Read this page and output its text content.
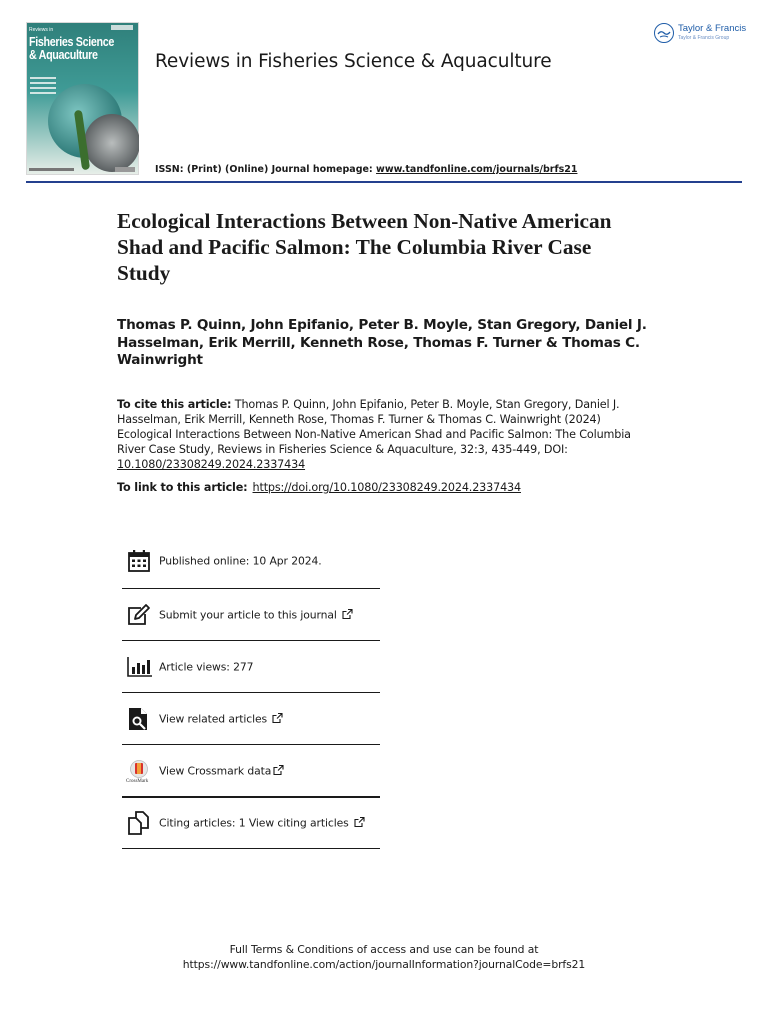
Reviews in
Fisheries Science & Aquaculture	Reviews in Fisheries Science & Aquaculture
ISSN: (Print) (Online) Journal homepage: www.tandfonline.com/journals/brfs21
Taylor & Francis
Taylor & Francis Group
Ecological Interactions Between Non-Native American Shad and Pacific Salmon: The Columbia River Case Study
Thomas P. Quinn, John Epifanio, Peter B. Moyle, Stan Gregory, Daniel J. Hasselman, Erik Merrill, Kenneth Rose, Thomas F. Turner & Thomas C. Wainwright
To cite this article: Thomas P. Quinn, John Epifanio, Peter B. Moyle, Stan Gregory, Daniel J. Hasselman, Erik Merrill, Kenneth Rose, Thomas F. Turner & Thomas C. Wainwright (2024) Ecological Interactions Between Non-Native American Shad and Pacific Salmon: The Columbia River Case Study, Reviews in Fisheries Science & Aquaculture, 32:3, 435-449, DOI: 10.1080/23308249.2024.2337434
To link to this article: https://doi.org/10.1080/23308249.2024.2337434
Published online: 10 Apr 2024.
Submit your article to this journal
Article views: 277
View related articles
CrossMark
View Crossmark data
Citing articles: 1 View citing articles
Full Terms & Conditions of access and use can be found at
https://www.tandfonline.com/action/journalInformation?journalCode=brfs21
